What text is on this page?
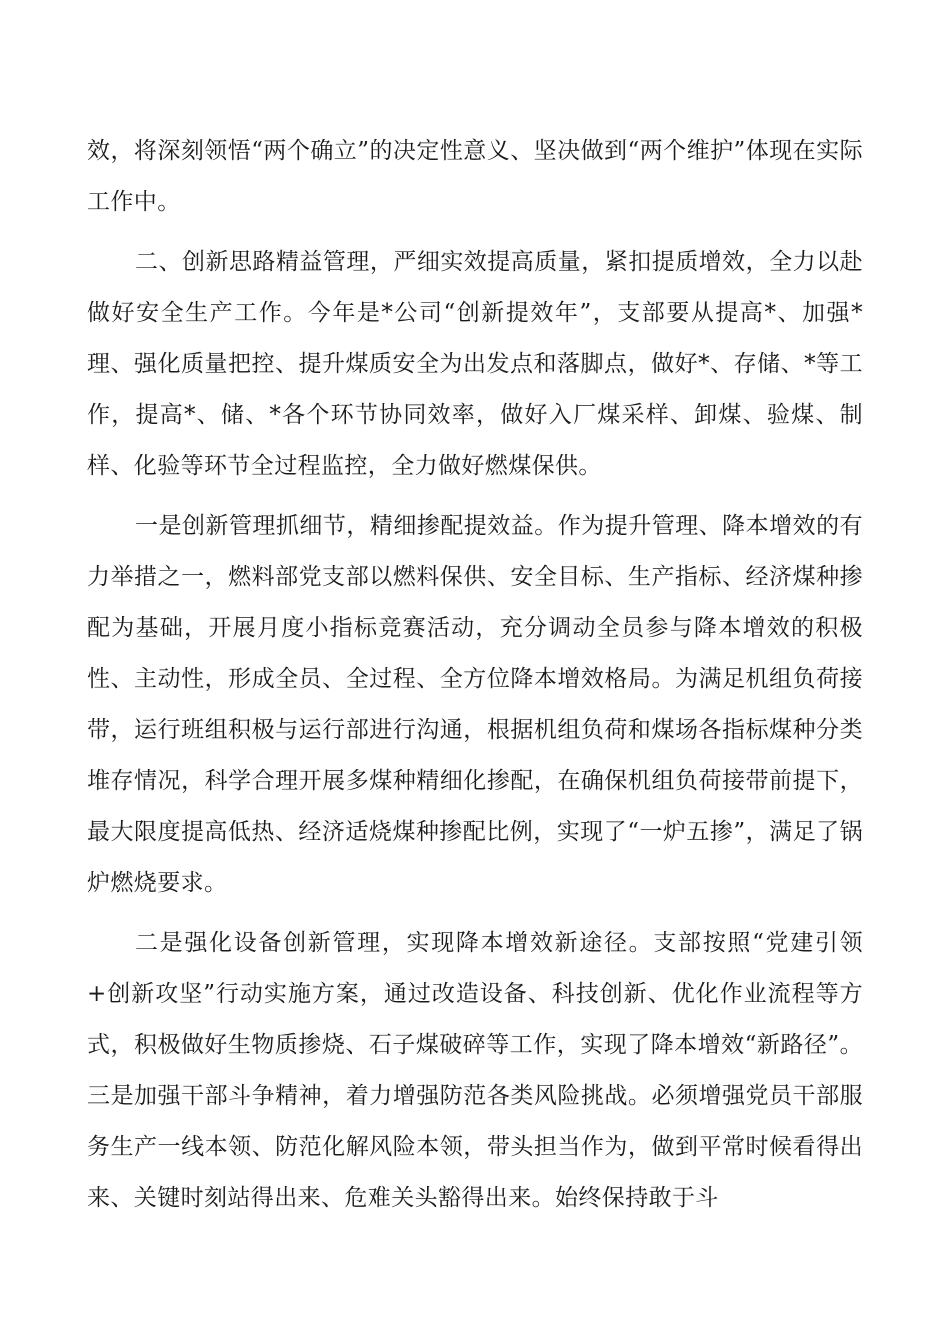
效，将深刻领悟“两个确立”的决定性意义、坚决做到“两个维护”体现在实际工作中。

二、创新思路精益管理，严细实效提高质量，紧扣提质增效，全力以赴做好安全生产工作。今年是*公司“创新提效年”，支部要从提高*、加强*理、强化质量把控、提升煤质安全为出发点和落脚点，做好*、存储、*等工作，提高*、储、*各个环节协同效率，做好入厂煤采样、卸煤、验煤、制样、化验等环节全过程监控，全力做好燃煤保供。

一是创新管理抓细节，精细掺配提效益。作为提升管理、降本增效的有力举措之一，燃料部党支部以燃料保供、安全目标、生产指标、经济煤种掺配为基础，开展月度小指标竞赛活动，充分调动全员参与降本增效的积极性、主动性，形成全员、全过程、全方位降本增效格局。为满足机组负荷接带，运行班组积极与运行部进行沟通，根据机组负荷和煤场各指标煤种分类堆存情况，科学合理开展多煤种精细化掺配，在确保机组负荷接带前提下，最大限度提高低热、经济适烧煤种掺配比例，实现了“一炉五掺”，满足了锅炉燃烧要求。

二是强化设备创新管理，实现降本增效新途径。支部按照“党建引领+创新攻坚”行动实施方案，通过改造设备、科技创新、优化作业流程等方式，积极做好生物质掺烧、石子煤破碎等工作，实现了降本增效“新路径”。三是加强干部斗争精神，着力增强防范各类风险挑战。必须增强党员干部服务生产一线本领、防范化解风险本领，带头担当作为，做到平常时候看得出来、关键时刻站得出来、危难关头豁得出来。始终保持敢于斗
